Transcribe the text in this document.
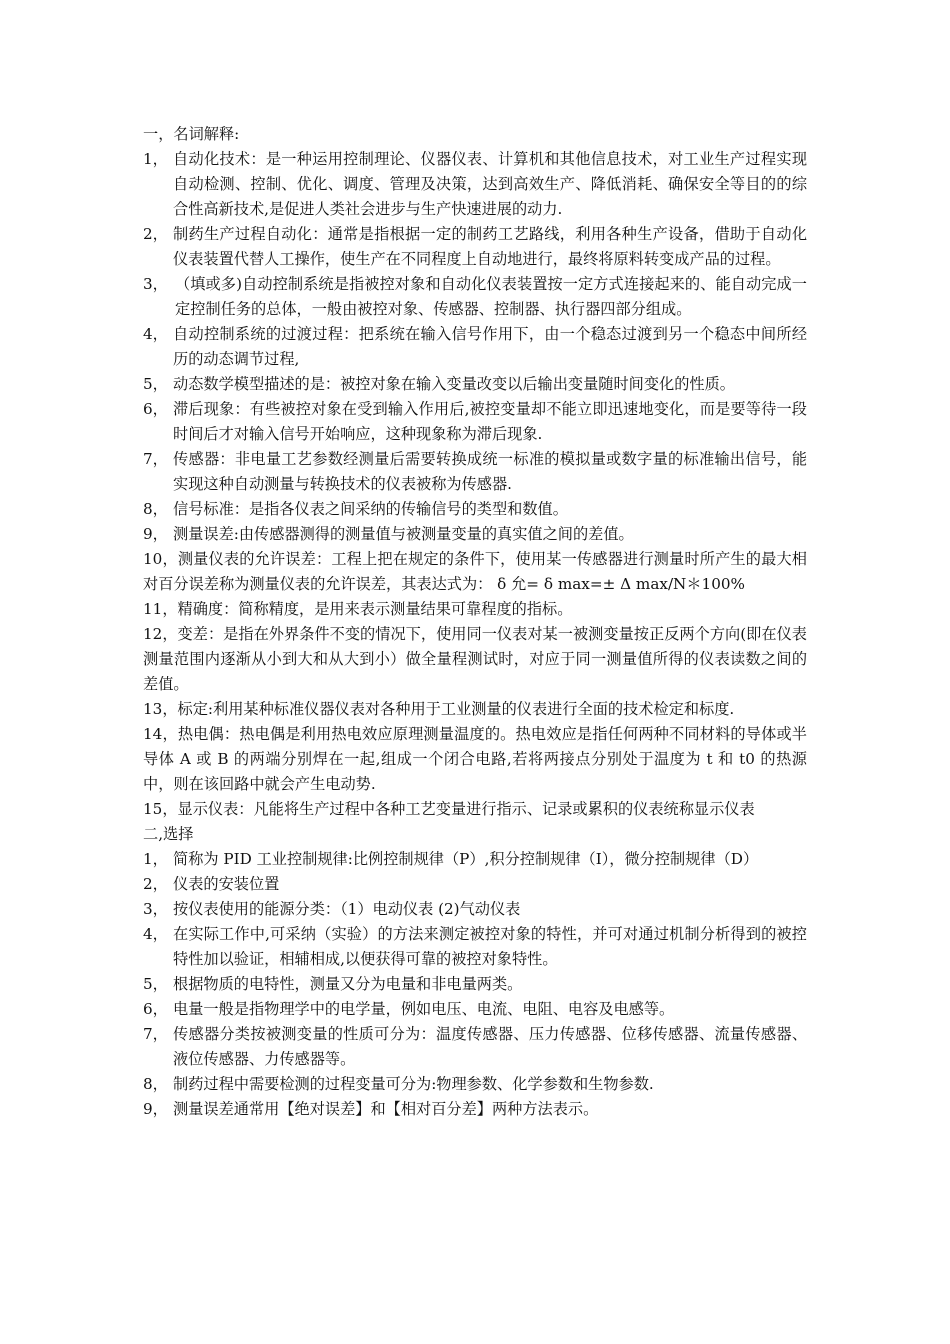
一，名词解释:

1， 自动化技术：是一种运用控制理论、仪器仪表、计算机和其他信息技术，对工业生产过程实现自动检测、控制、优化、调度、管理及决策，达到高效生产、降低消耗、确保安全等目的的综合性高新技术,是促进人类社会进步与生产快速进展的动力.
2， 制药生产过程自动化：通常是指根据一定的制药工艺路线，利用各种生产设备，借助于自动化仪表装置代替人工操作，使生产在不同程度上自动地进行，最终将原料转变成产品的过程。
3， （填或多)自动控制系统是指被控对象和自动化仪表装置按一定方式连接起来的、能自动完成一定控制任务的总体，一般由被控对象、传感器、控制器、执行器四部分组成。
4， 自动控制系统的过渡过程：把系统在输入信号作用下，由一个稳态过渡到另一个稳态中间所经历的动态调节过程,
5， 动态数学模型描述的是：被控对象在输入变量改变以后输出变量随时间变化的性质。
6， 滞后现象：有些被控对象在受到输入作用后,被控变量却不能立即迅速地变化，而是要等待一段时间后才对输入信号开始响应，这种现象称为滞后现象.
7， 传感器：非电量工艺参数经测量后需要转换成统一标准的模拟量或数字量的标准输出信号，能实现这种自动测量与转换技术的仪表被称为传感器.
8， 信号标准：是指各仪表之间采纳的传输信号的类型和数值。
9， 测量误差:由传感器测得的测量值与被测量变量的真实值之间的差值。

10，测量仪表的允许误差：工程上把在规定的条件下，使用某一传感器进行测量时所产生的最大相对百分误差称为测量仪表的允许误差，其表达式为： δ 允= δ max=± Δ max/N＊100%

11，精确度：简称精度，是用来表示测量结果可靠程度的指标。

12，变差：是指在外界条件不变的情况下，使用同一仪表对某一被测变量按正反两个方向(即在仪表测量范围内逐渐从小到大和从大到小）做全量程测试时，对应于同一测量值所得的仪表读数之间的差值。

13，标定:利用某种标准仪器仪表对各种用于工业测量的仪表进行全面的技术检定和标度.

14，热电偶：热电偶是利用热电效应原理测量温度的。热电效应是指任何两种不同材料的导体或半导体 A 或 B 的两端分别焊在一起,组成一个闭合电路,若将两接点分别处于温度为 t 和 t0 的热源中，则在该回路中就会产生电动势.

15，显示仪表：凡能将生产过程中各种工艺变量进行指示、记录或累积的仪表统称显示仪表

二,选择

1， 简称为 PID 工业控制规律:比例控制规律（P）,积分控制规律（I），微分控制规律（D）
2， 仪表的安装位置
3， 按仪表使用的能源分类：（1）电动仪表 (2)气动仪表
4， 在实际工作中,可采纳（实验）的方法来测定被控对象的特性，并可对通过机制分析得到的被控特性加以验证，相辅相成,以便获得可靠的被控对象特性。
5， 根据物质的电特性，测量又分为电量和非电量两类。
6， 电量一般是指物理学中的电学量，例如电压、电流、电阻、电容及电感等。
7， 传感器分类按被测变量的性质可分为：温度传感器、压力传感器、位移传感器、流量传感器、液位传感器、力传感器等。
8， 制药过程中需要检测的过程变量可分为:物理参数、化学参数和生物参数.
9， 测量误差通常用【绝对误差】和【相对百分差】两种方法表示。
